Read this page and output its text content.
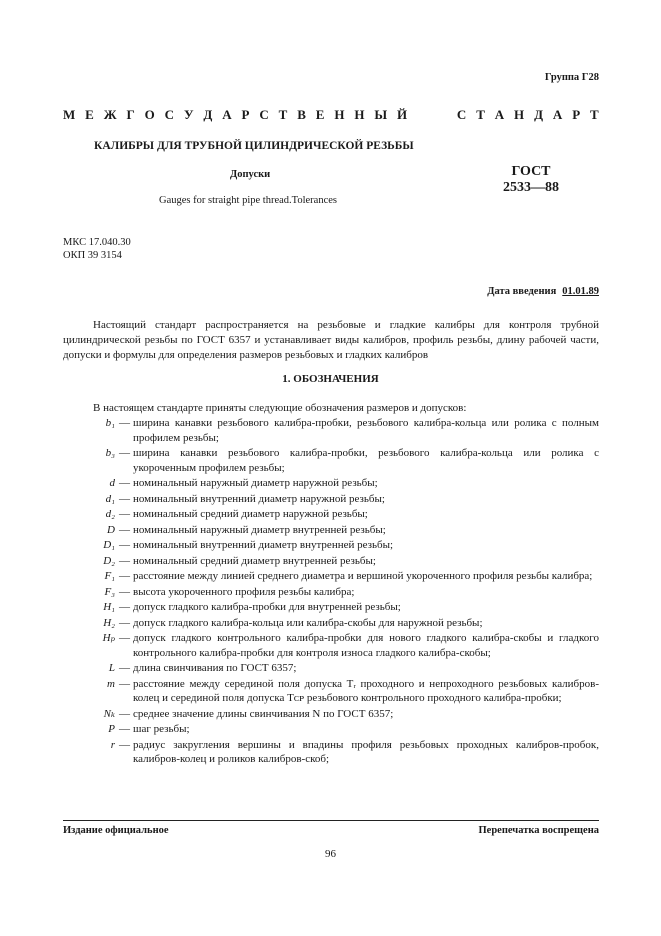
Группа Г28
М Е Ж Г О С У Д А Р С Т В Е Н Н Ы Й	С Т А Н Д А Р Т
КАЛИБРЫ ДЛЯ ТРУБНОЙ ЦИЛИНДРИЧЕСКОЙ РЕЗЬБЫ
Допуски
Gauges for straight pipe thread.Tolerances
ГОСТ
2533—88
МКС 17.040.30
ОКП 39 3154
Дата введения 01.01.89
Настоящий стандарт распространяется на резьбовые и гладкие калибры для контроля трубной цилиндрической резьбы по ГОСТ 6357 и устанавливает виды калибров, профиль резьбы, длину рабочей части, допуски и формулы для определения размеров резьбовых и гладких калибров
1. ОБОЗНАЧЕНИЯ
В настоящем стандарте приняты следующие обозначения размеров и допусков:
b₁ — ширина канавки резьбового калибра-пробки, резьбового калибра-кольца или ролика с полным профилем резьбы;
b₃ — ширина канавки резьбового калибра-пробки, резьбового калибра-кольца или ролика с укороченным профилем резьбы;
d — номинальный наружный диаметр наружной резьбы;
d₁ — номинальный внутренний диаметр наружной резьбы;
d₂ — номинальный средний диаметр наружной резьбы;
D — номинальный наружный диаметр внутренней резьбы;
D₁ — номинальный внутренний диаметр внутренней резьбы;
D₂ — номинальный средний диаметр внутренней резьбы;
F₁ — расстояние между линией среднего диаметра и вершиной укороченного профиля резьбы калибра;
F₃ — высота укороченного профиля резьбы калибра;
H₁ — допуск гладкого калибра-пробки для внутренней резьбы;
H₂ — допуск гладкого калибра-кольца или калибра-скобы для наружной резьбы;
Hₚ — допуск гладкого контрольного калибра-пробки для нового гладкого калибра-скобы и гладкого контрольного калибра-пробки для контроля износа гладкого калибра-скобы;
L — длина свинчивания по ГОСТ 6357;
m — расстояние между серединой поля допуска Tᵣ проходного и непроходного резьбовых калибров-колец и серединой поля допуска Tᴄᴘ резьбового контрольного проходного калибра-пробки;
Nₖ — среднее значение длины свинчивания N по ГОСТ 6357;
P — шаг резьбы;
r — радиус закругления вершины и впадины профиля резьбовых проходных калибров-пробок, калибров-колец и роликов калибров-скоб;
Издание официальное	Перепечатка воспрещена
96
